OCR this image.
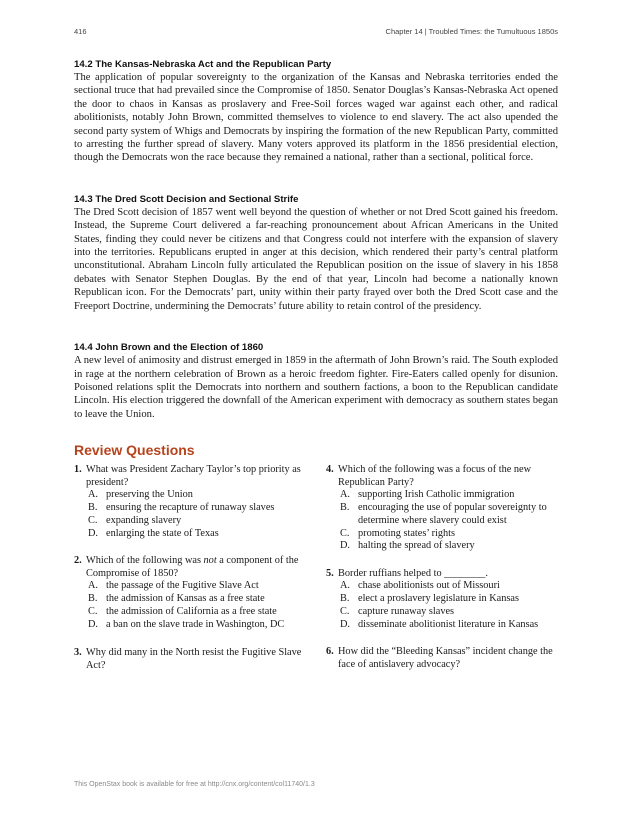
416	Chapter 14 | Troubled Times: the Tumultuous 1850s
14.2 The Kansas-Nebraska Act and the Republican Party

The application of popular sovereignty to the organization of the Kansas and Nebraska territories ended the sectional truce that had prevailed since the Compromise of 1850. Senator Douglas’s Kansas-Nebraska Act opened the door to chaos in Kansas as proslavery and Free-Soil forces waged war against each other, and radical abolitionists, notably John Brown, committed themselves to violence to end slavery. The act also upended the second party system of Whigs and Democrats by inspiring the formation of the new Republican Party, committed to arresting the further spread of slavery. Many voters approved its platform in the 1856 presidential election, though the Democrats won the race because they remained a national, rather than a sectional, political force.

14.3 The Dred Scott Decision and Sectional Strife

The Dred Scott decision of 1857 went well beyond the question of whether or not Dred Scott gained his freedom. Instead, the Supreme Court delivered a far-reaching pronouncement about African Americans in the United States, finding they could never be citizens and that Congress could not interfere with the expansion of slavery into the territories. Republicans erupted in anger at this decision, which rendered their party’s central platform unconstitutional. Abraham Lincoln fully articulated the Republican position on the issue of slavery in his 1858 debates with Senator Stephen Douglas. By the end of that year, Lincoln had become a nationally known Republican icon. For the Democrats’ part, unity within their party frayed over both the Dred Scott case and the Freeport Doctrine, undermining the Democrats’ future ability to retain control of the presidency.

14.4 John Brown and the Election of 1860

A new level of animosity and distrust emerged in 1859 in the aftermath of John Brown’s raid. The South exploded in rage at the northern celebration of Brown as a heroic freedom fighter. Fire-Eaters called openly for disunion. Poisoned relations split the Democrats into northern and southern factions, a boon to the Republican candidate Lincoln. His election triggered the downfall of the American experiment with democracy as southern states began to leave the Union.

Review Questions
1. What was President Zachary Taylor’s top priority as president?
A. preserving the Union
B. ensuring the recapture of runaway slaves
C. expanding slavery
D. enlarging the state of Texas
2. Which of the following was not a component of the Compromise of 1850?
A. the passage of the Fugitive Slave Act
B. the admission of Kansas as a free state
C. the admission of California as a free state
D. a ban on the slave trade in Washington, DC
3. Why did many in the North resist the Fugitive Slave Act?
4. Which of the following was a focus of the new Republican Party?
A. supporting Irish Catholic immigration
B. encouraging the use of popular sovereignty to determine where slavery could exist
C. promoting states’ rights
D. halting the spread of slavery
5. Border ruffians helped to ________.
A. chase abolitionists out of Missouri
B. elect a proslavery legislature in Kansas
C. capture runaway slaves
D. disseminate abolitionist literature in Kansas
6. How did the “Bleeding Kansas” incident change the face of antislavery advocacy?
This OpenStax book is available for free at http://cnx.org/content/col11740/1.3
